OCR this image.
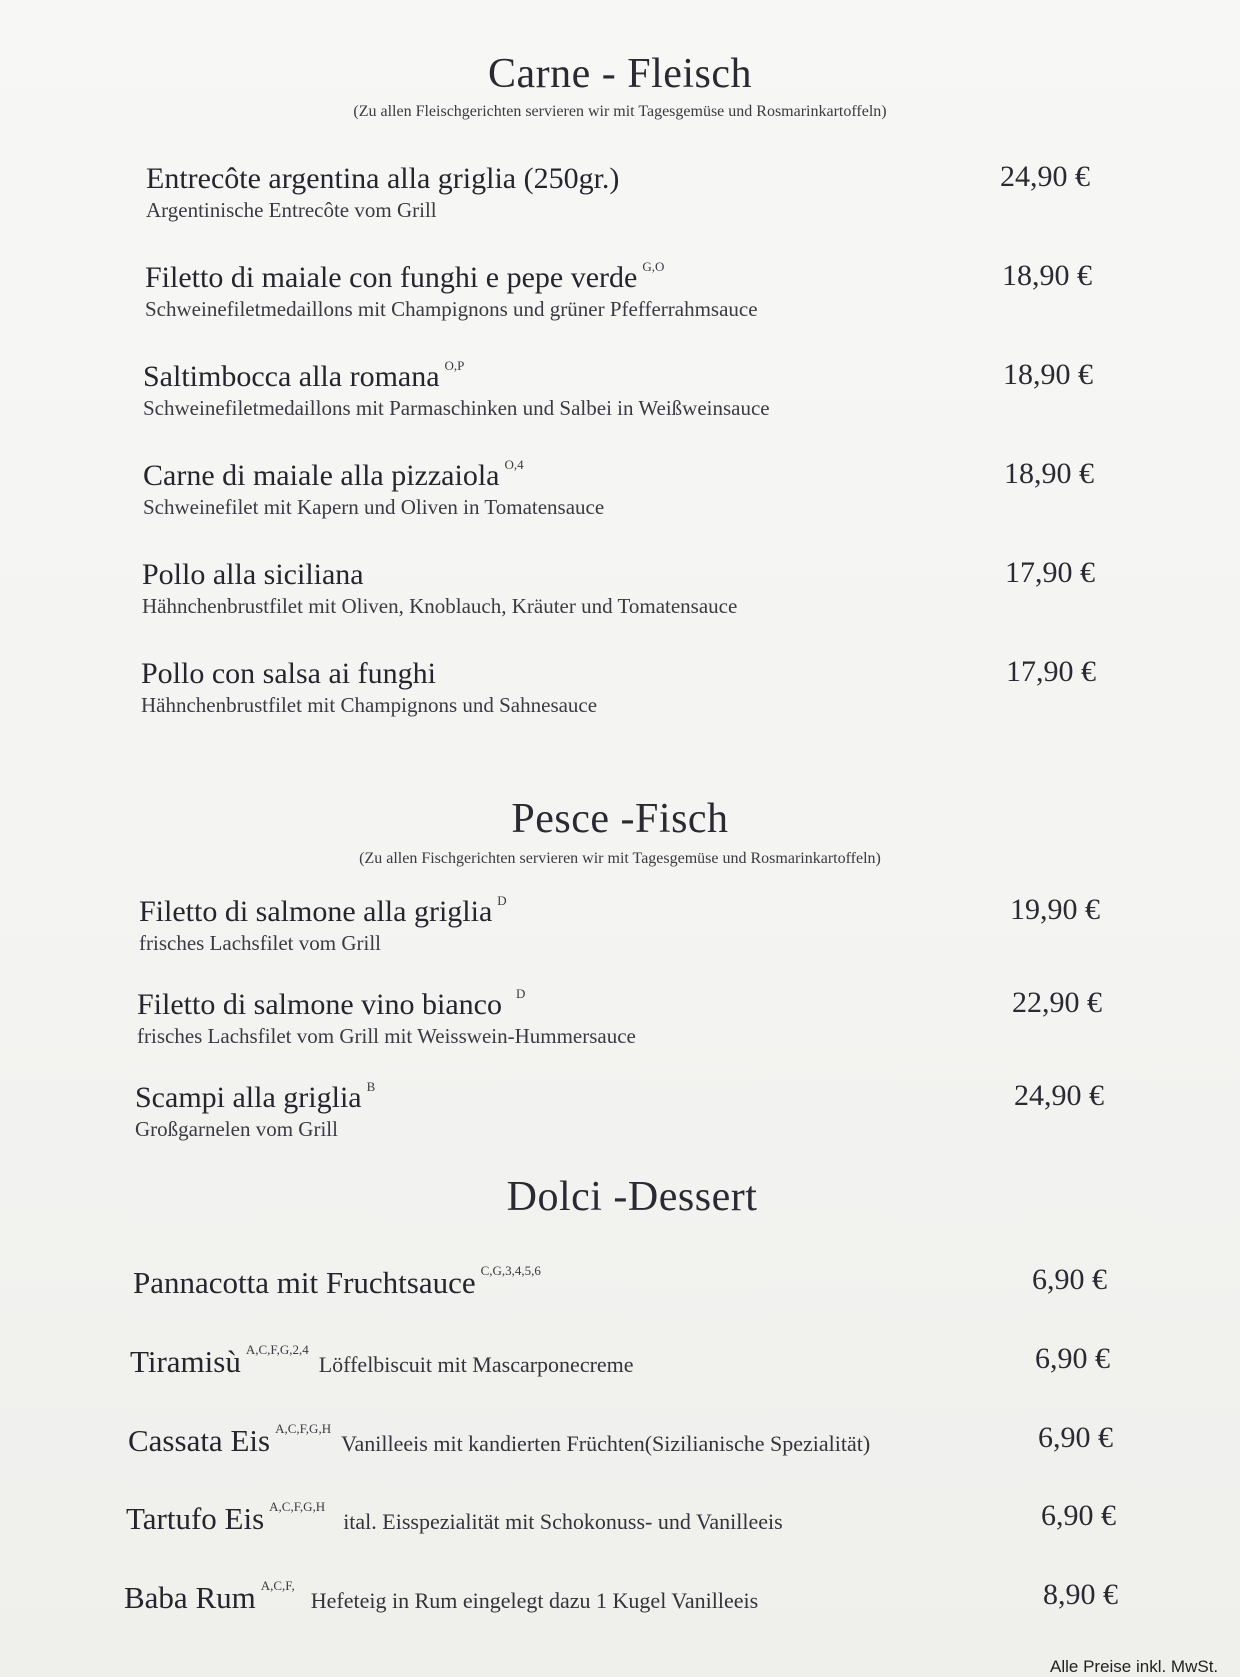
Carne - Fleisch
(Zu allen Fleischgerichten servieren wir mit Tagesgemüse und Rosmarinkartoffeln)
Entrecôte argentina alla griglia (250gr.)
Argentinische Entrecôte vom Grill
24,90 €
Filetto di maiale con funghi e pepe verde $^{G,O}$
Schweinefiletmedaillons mit Champignons und grüner Pfefferrahmsauce
18,90 €
Saltimbocca alla romana $^{O,P}$
Schweinefiletmedaillons mit Parmaschinken und Salbei in Weißweinsauce
18,90 €
Carne di maiale alla pizzaiola $^{O,4}$
Schweinefilet mit Kapern und Oliven in Tomatensauce
18,90 €
Pollo alla siciliana
Hähnchenbrustfilet mit Oliven, Knoblauch, Kräuter und Tomatensauce
17,90 €
Pollo con salsa ai funghi
Hähnchenbrustfilet mit Champignons und Sahnesauce
17,90 €
Pesce -Fisch
(Zu allen Fischgerichten servieren wir mit Tagesgemüse und Rosmarinkartoffeln)
Filetto di salmone alla griglia $^D$
frisches Lachsfilet vom Grill
19,90 €
Filetto di salmone vino bianco $^D$
frisches Lachsfilet vom Grill mit Weisswein-Hummersauce
22,90 €
Scampi alla griglia $^B$
Großgarnelen vom Grill
24,90 €
Dolci -Dessert
Pannacotta mit Fruchtsauce $^{C,G,3,4,5,6}$	6,90 €
Tiramisù $^{A,C,F,G,2,4}$Löffelbiscuit mit Mascarponecreme	6,90 €
Cassata Eis $^{A,C,F,G,H}$Vanilleeis mit kandierten Früchten(Sizilianische Spezialität)	6,90 €
Tartufo Eis $^{A,C,F,G,H}$ital. Eisspezialität mit Schokonuss- und Vanilleeis	6,90 €
Baba Rum $^{A,C,F,}$Hefeteig in Rum eingelegt dazu 1 Kugel Vanilleeis	8,90 €
Alle Preise inkl. MwSt.
